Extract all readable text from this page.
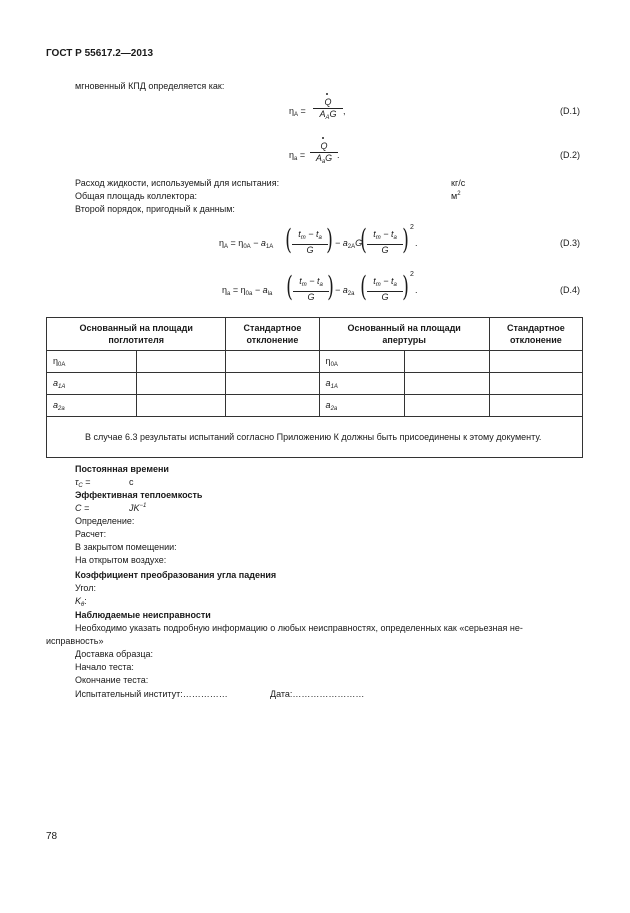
ГОСТ Р 55617.2—2013
мгновенный КПД определяется как:
$\eta_A$ =
Q
$A_AG$ ,	(D.1)
$\eta_a$ =
Q
$A_aG$ .	(D.2)
Расход жидкости, используемый для испытания:	кг/с
Общая площадь коллектора:	$м^2$
Второй порядок, пригодный к данным:
$\eta_A = \eta_{0A} - a_{1A}$ ( $\frac{t_m - t_a}{G}$
) − $a_{2A}G$
( $\frac{t_m - t_a}{G}$ ) 2
.	(D.3)
$\eta_a = \eta_{0a} - a_{la}$ ( $\frac{t_m - t_a}{G}$
) − $a_{2a}$ ( $\frac{t_m - t_a}{G}$ ) 2
.	(D.4)
Основанный на площади поглотителя		Стандартное отклонение	Основанный на площади апертуры		Стандартное отклонение
$\eta_{0A}$			$\eta_{0A}$		
$a_{1A}$			$a_{1A}$		
$a_{2a}$			$a_{2a}$		
В случае 6.3 результаты испытаний согласно Приложению К должны быть присоединены к этому документу.					
Постоянная времени
$\tau_C$ =	с
Эффективная теплоемкость
C =	$JK^{-1}$
Определение:
Расчет:
В закрытом помещении:
На открытом воздухе:
Коэффициент преобразования угла падения
Угол:
$K_\theta$:
Наблюдаемые неисправности
Необходимо указать подробную информацию о любых неисправностях, определенных как «серьезная не-
исправность»
Доставка образца:
Начало теста:
Окончание теста:
Испытательный институт:……………	Дата:……………………
78
